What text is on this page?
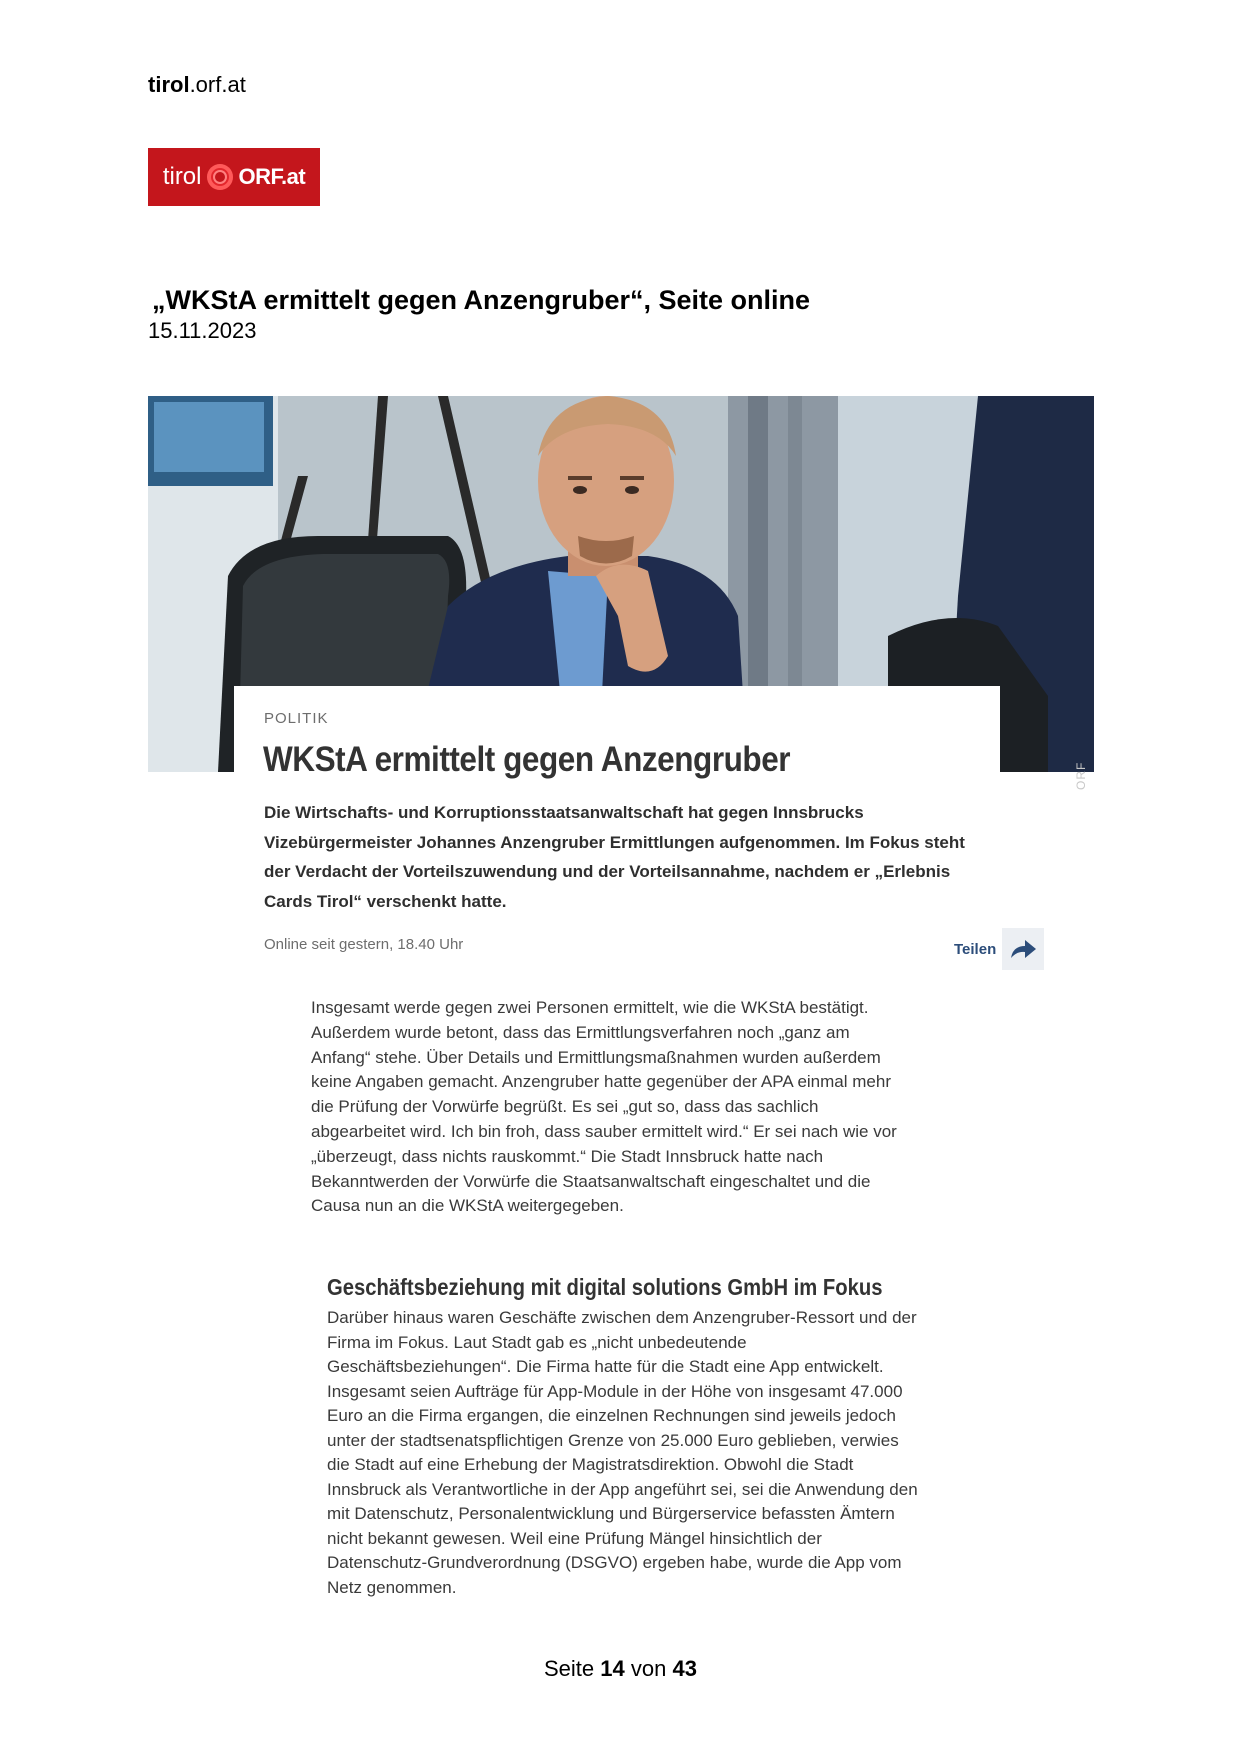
tirol.orf.at
tirol ORF.at
„WKStA ermittelt gegen Anzengruber“, Seite online
15.11.2023
ORF
POLITIK
WKStA ermittelt gegen Anzengruber
Die Wirtschafts- und Korruptionsstaatsanwaltschaft hat gegen Innsbrucks Vizebürgermeister Johannes Anzengruber Ermittlungen aufgenommen. Im Fokus steht der Verdacht der Vorteilszuwendung und der Vorteilsannahme, nachdem er „Erlebnis Cards Tirol“ verschenkt hatte.
Online seit gestern, 18.40 Uhr	Teilen
Insgesamt werde gegen zwei Personen ermittelt, wie die WKStA bestätigt. Außerdem wurde betont, dass das Ermittlungsverfahren noch „ganz am Anfang“ stehe. Über Details und Ermittlungsmaßnahmen wurden außerdem keine Angaben gemacht. Anzengruber hatte gegenüber der APA einmal mehr die Prüfung der Vorwürfe begrüßt. Es sei „gut so, dass das sachlich abgearbeitet wird. Ich bin froh, dass sauber ermittelt wird.“ Er sei nach wie vor „überzeugt, dass nichts rauskommt.“ Die Stadt Innsbruck hatte nach Bekanntwerden der Vorwürfe die Staatsanwaltschaft eingeschaltet und die Causa nun an die WKStA weitergegeben.
Geschäftsbeziehung mit digital solutions GmbH im Fokus
Darüber hinaus waren Geschäfte zwischen dem Anzengruber-Ressort und der Firma im Fokus. Laut Stadt gab es „nicht unbedeutende Geschäftsbeziehungen“. Die Firma hatte für die Stadt eine App entwickelt. Insgesamt seien Aufträge für App-Module in der Höhe von insgesamt 47.000 Euro an die Firma ergangen, die einzelnen Rechnungen sind jeweils jedoch unter der stadtsenatspflichtigen Grenze von 25.000 Euro geblieben, verwies die Stadt auf eine Erhebung der Magistratsdirektion. Obwohl die Stadt Innsbruck als Verantwortliche in der App angeführt sei, sei die Anwendung den mit Datenschutz, Personalentwicklung und Bürgerservice befassten Ämtern nicht bekannt gewesen. Weil eine Prüfung Mängel hinsichtlich der Datenschutz-Grundverordnung (DSGVO) ergeben habe, wurde die App vom Netz genommen.
Seite 14 von 43
